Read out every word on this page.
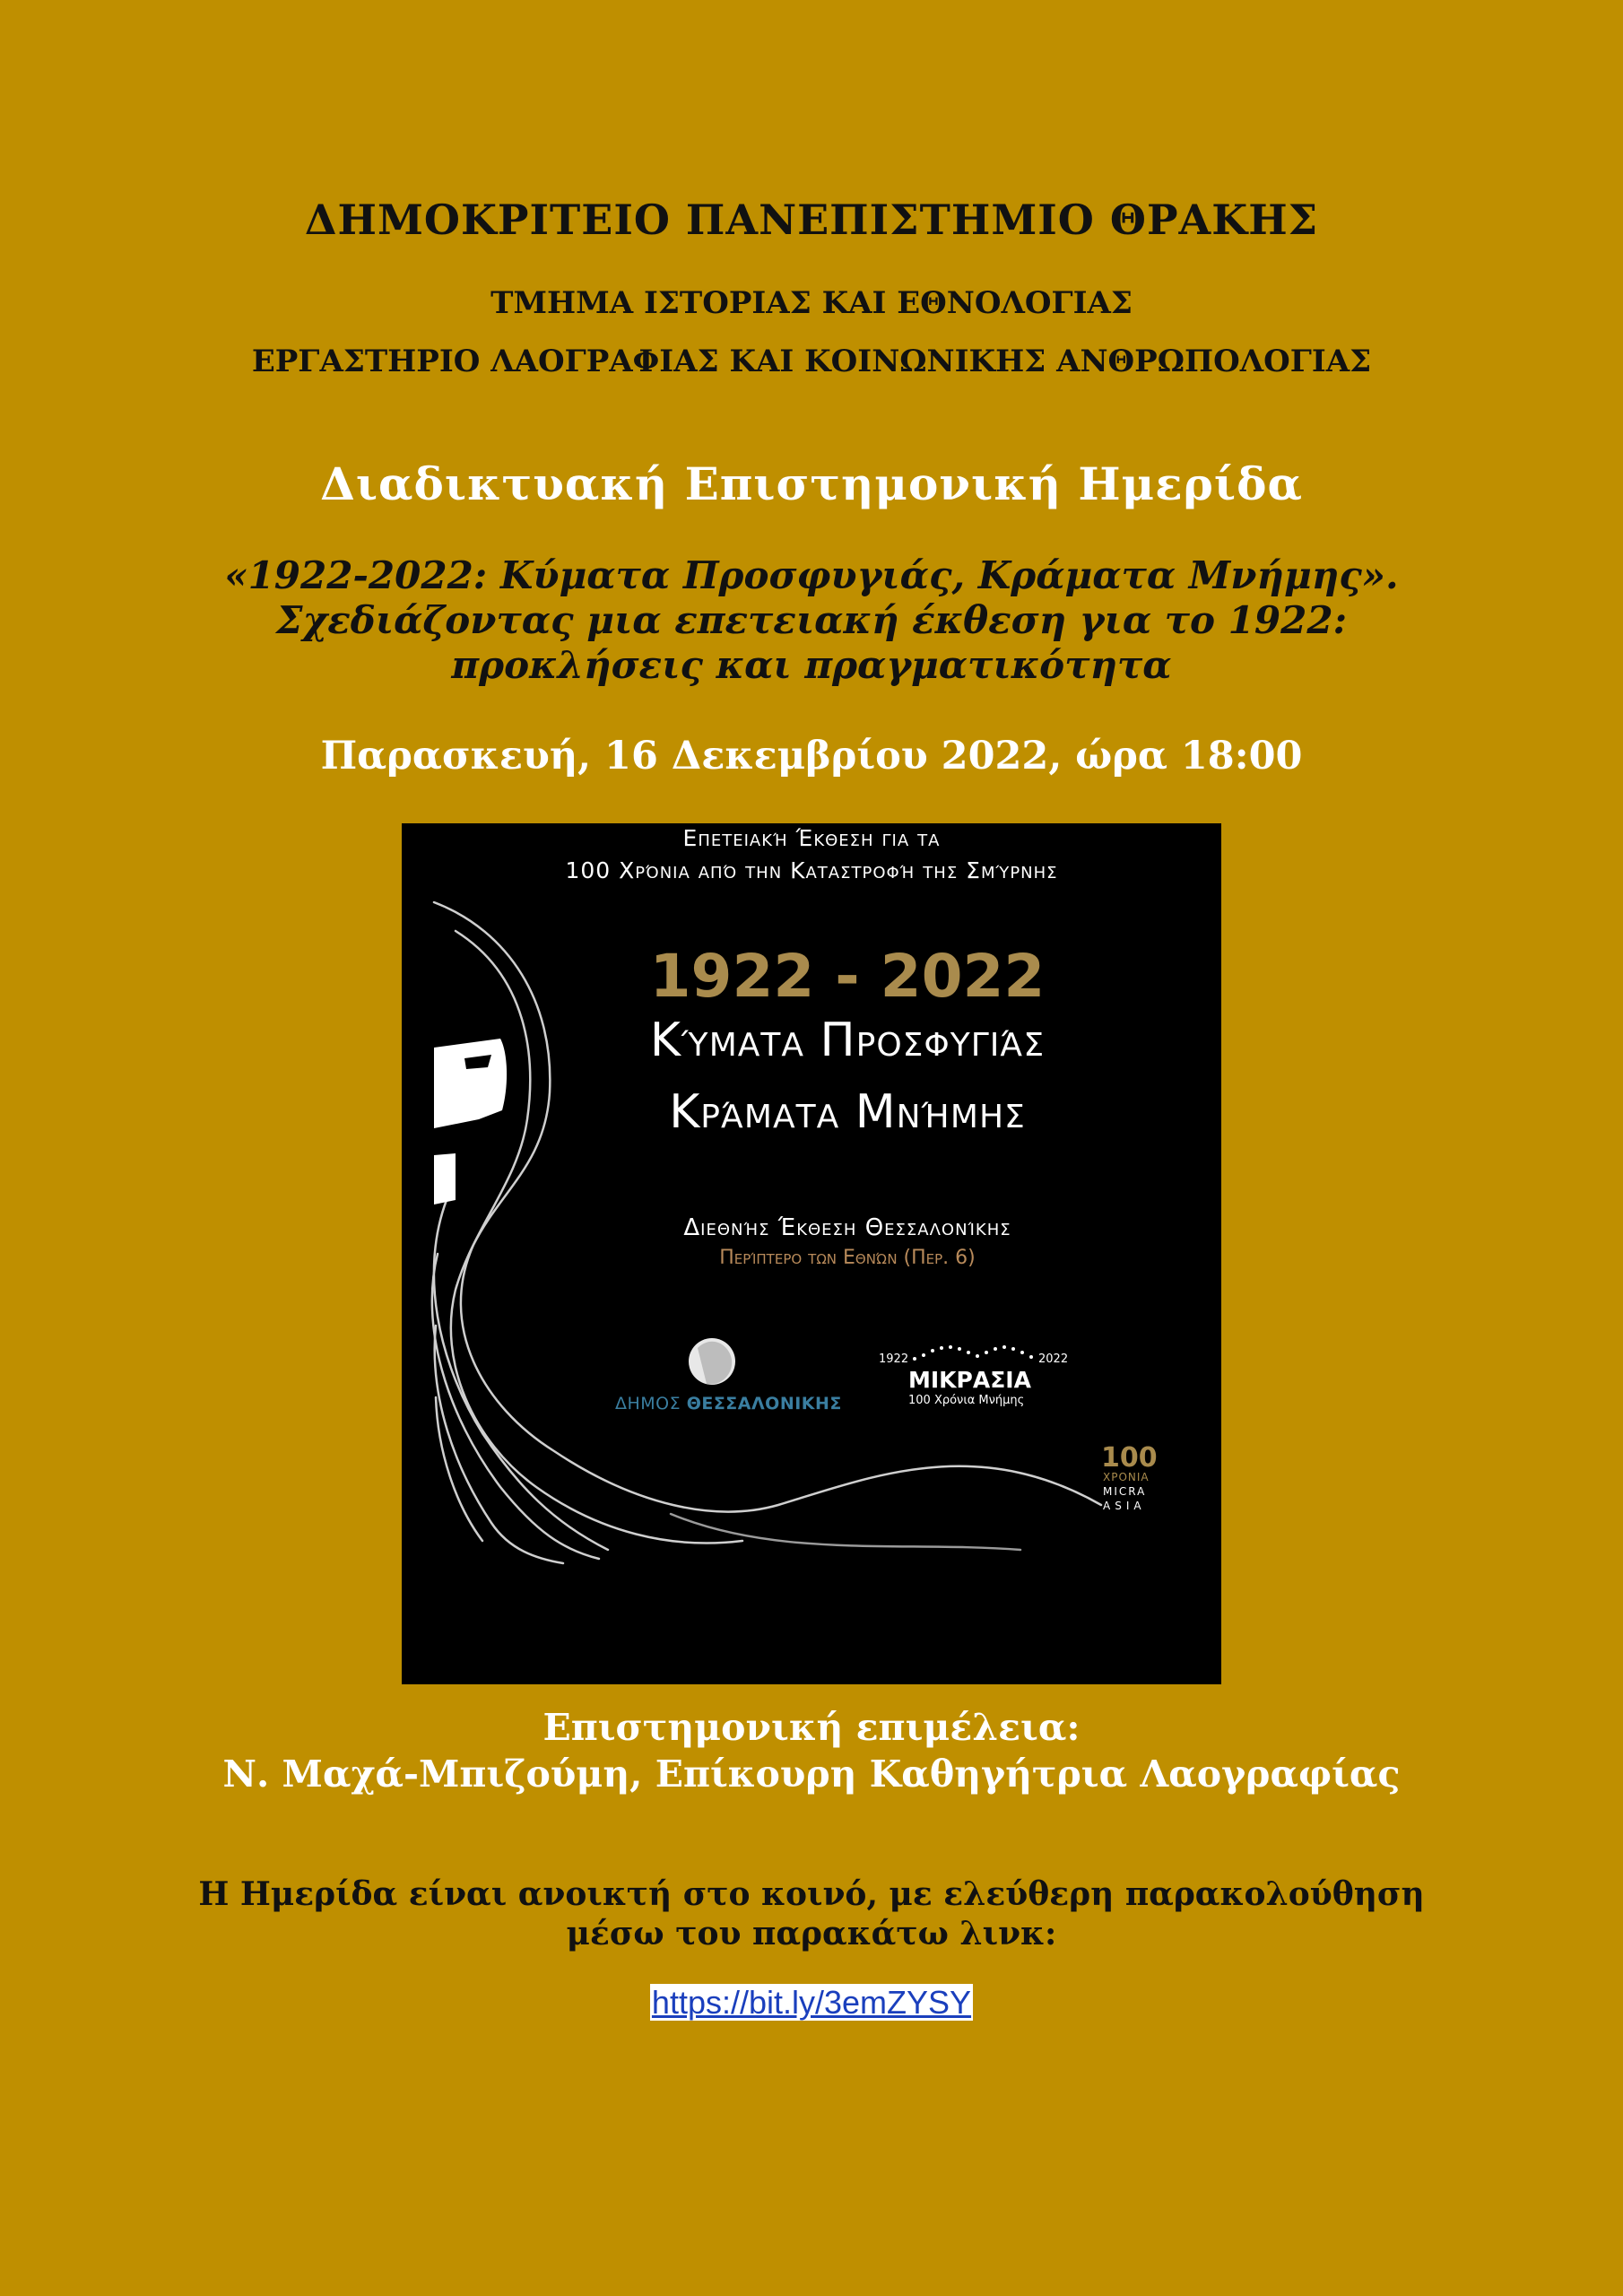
ΔΗΜΟΚΡΙΤΕΙΟ ΠΑΝΕΠΙΣΤΗΜΙΟ ΘΡΑΚΗΣ
ΤΜΗΜΑ ΙΣΤΟΡΙΑΣ ΚΑΙ ΕΘΝΟΛΟΓΙΑΣ
ΕΡΓΑΣΤΗΡΙΟ ΛΑΟΓΡΑΦΙΑΣ ΚΑΙ ΚΟΙΝΩΝΙΚΗΣ ΑΝΘΡΩΠΟΛΟΓΙΑΣ
Διαδικτυακή Επιστημονική Ημερίδα
«1922-2022: Κύματα Προσφυγιάς, Κράματα Μνήμης».
Σχεδιάζοντας μια επετειακή έκθεση για το 1922:
προκλήσεις και πραγματικότητα
Παρασκευή, 16 Δεκεμβρίου 2022, ώρα 18:00
Επετειακή Έκθεση για τα
100 Χρόνια από την Καταστροφή της Σμύρνης
1922 - 2022
Κύματα Προσφυγιάς
Κράματα Μνήμης
Διεθνής Έκθεση Θεσσαλονίκης
Περίπτερο των Εθνών (Περ. 6)
ΔΗΜΟΣ ΘΕΣΣΑΛΟΝΙΚΗΣ
1922	2022
ΜΙΚΡΑΣΙΑ
100 Χρόνια Μνήμης
100
ΧΡΟΝΙΑ
MICRA
ASIA
Επιστημονική επιμέλεια:
Ν. Μαχά-Μπιζούμη, Επίκουρη Καθηγήτρια Λαογραφίας
Η Ημερίδα είναι ανοικτή στο κοινό, με ελεύθερη παρακολούθηση
μέσω του παρακάτω λινκ:
https://bit.ly/3emZYSY
